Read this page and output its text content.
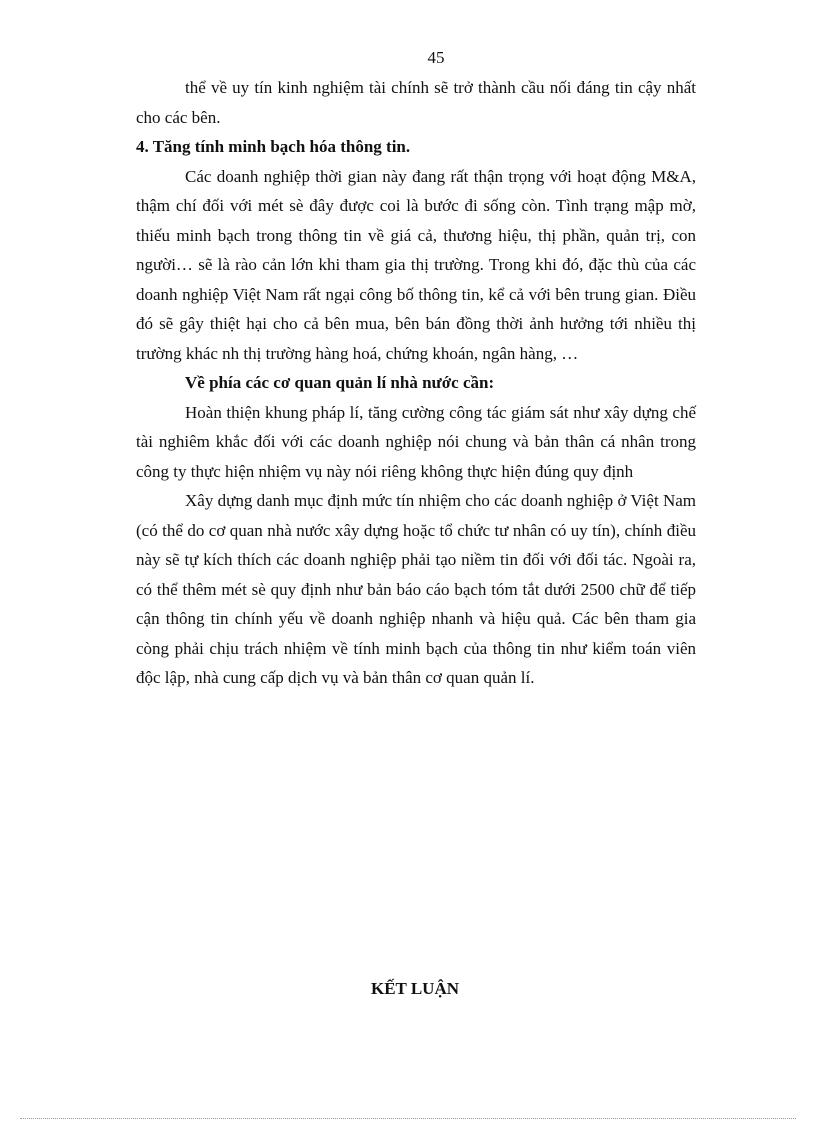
45

thể về uy tín kinh nghiệm tài chính sẽ trở thành cầu nối đáng tin cậy nhất cho các bên.

4. Tăng tính minh bạch hóa thông tin.

Các doanh nghiệp thời gian này đang rất thận trọng với hoạt động M&A, thậm chí đối với mét sè đây được coi là bước đi sống còn. Tình trạng mập mờ, thiếu minh bạch trong thông tin về giá cả, thương hiệu, thị phần, quản trị, con người… sẽ là rào cản lớn khi tham gia thị trường. Trong khi đó, đặc thù của các doanh nghiệp Việt Nam rất ngại công bố thông tin, kể cả với bên trung gian. Điều đó sẽ gây thiệt hại cho cả bên mua, bên bán đồng thời ảnh hưởng tới nhiều thị trường khác nh thị trường hàng hoá, chứng khoán, ngân hàng, …

Về phía các cơ quan quản lí nhà nước cần:

Hoàn thiện khung pháp lí, tăng cường công tác giám sát như xây dựng chế tài nghiêm khắc đối với các doanh nghiệp nói chung và bản thân cá nhân trong công ty thực hiện nhiệm vụ này nói riêng không thực hiện đúng quy định

Xây dựng danh mục định mức tín nhiệm cho các doanh nghiệp ở Việt Nam (có thể do cơ quan nhà nước xây dựng hoặc tổ chức tư nhân có uy tín), chính điều này sẽ tự kích thích các doanh nghiệp phải tạo niềm tin đối với đối tác. Ngoài ra, có thể thêm mét sè quy định như bản báo cáo bạch tóm tắt dưới 2500 chữ để tiếp cận thông tin chính yếu về doanh nghiệp nhanh và hiệu quả. Các bên tham gia còng phải chịu trách nhiệm về tính minh bạch của thông tin như kiểm toán viên độc lập, nhà cung cấp dịch vụ và bản thân cơ quan quản lí.

KẾT LUẬN
